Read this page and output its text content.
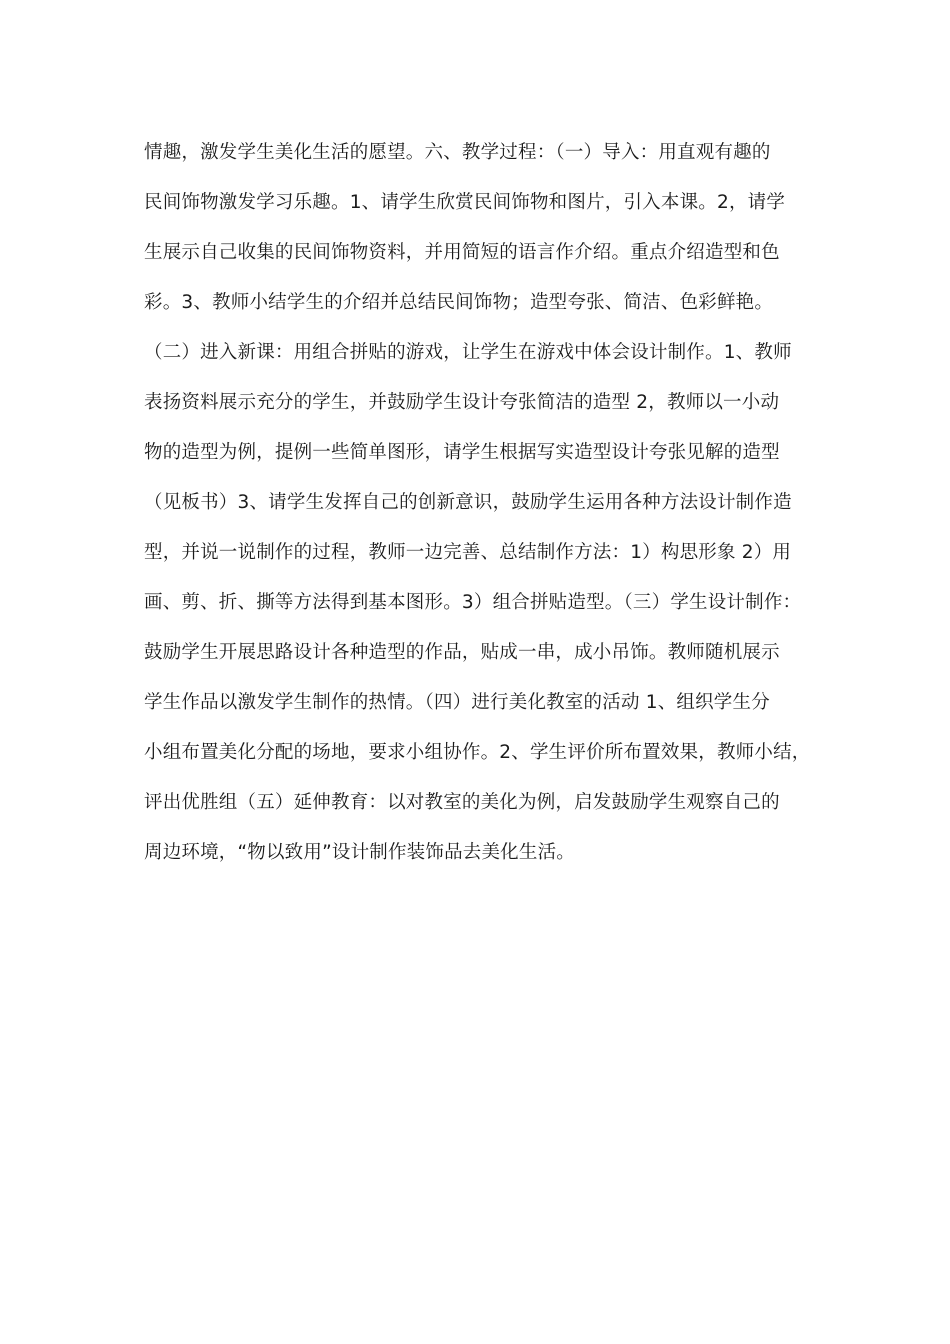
情趣，激发学生美化生活的愿望。六、教学过程：（一）导入：用直观有趣的
民间饰物激发学习乐趣。1、请学生欣赏民间饰物和图片，引入本课。2，请学
生展示自己收集的民间饰物资料，并用简短的语言作介绍。重点介绍造型和色
彩。3、教师小结学生的介绍并总结民间饰物；造型夸张、简洁、色彩鲜艳。
（二）进入新课：用组合拼贴的游戏，让学生在游戏中体会设计制作。1、教师
表扬资料展示充分的学生，并鼓励学生设计夸张简洁的造型 2，教师以一小动
物的造型为例，提例一些简单图形，请学生根据写实造型设计夸张见解的造型
（见板书）3、请学生发挥自己的创新意识，鼓励学生运用各种方法设计制作造
型，并说一说制作的过程，教师一边完善、总结制作方法：1）构思形象 2）用
画、剪、折、撕等方法得到基本图形。3）组合拼贴造型。（三）学生设计制作：
鼓励学生开展思路设计各种造型的作品，贴成一串，成小吊饰。教师随机展示
学生作品以激发学生制作的热情。（四）进行美化教室的活动 1、组织学生分
小组布置美化分配的场地，要求小组协作。2、学生评价所布置效果，教师小结，
评出优胜组（五）延伸教育：以对教室的美化为例，启发鼓励学生观察自己的
周边环境，“物以致用”设计制作装饰品去美化生活。
